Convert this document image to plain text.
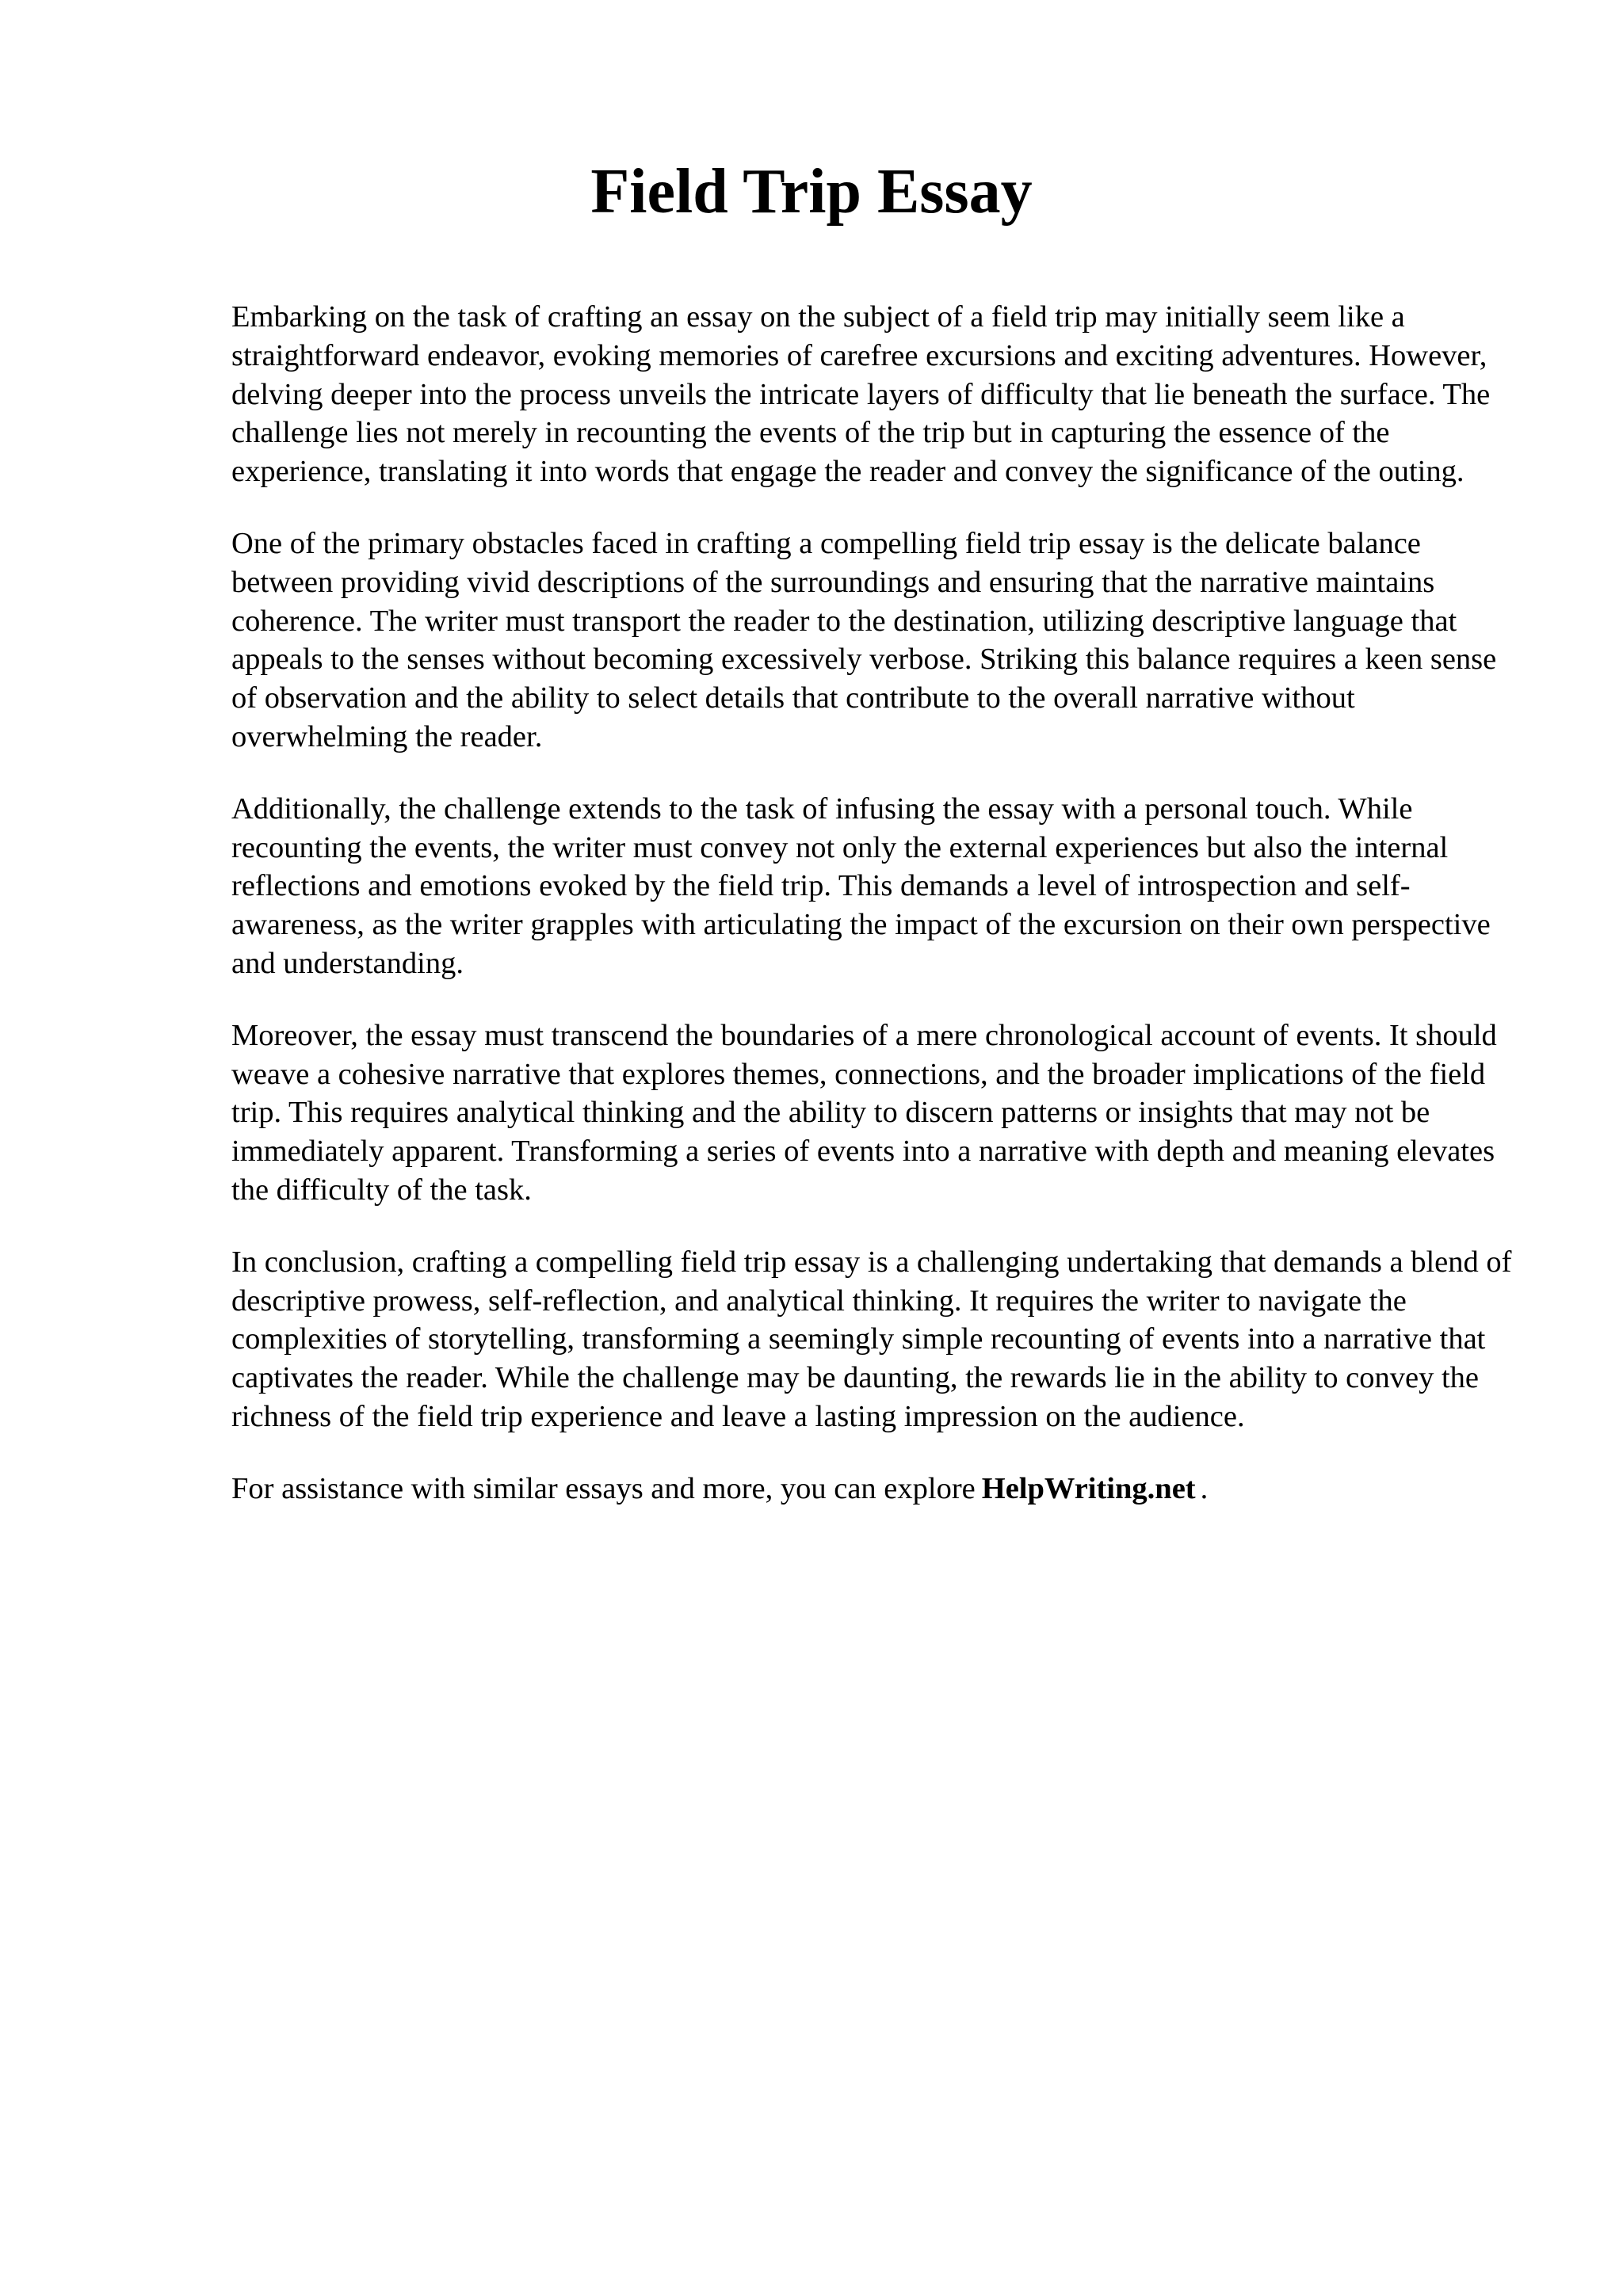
Field Trip Essay

Embarking on the task of crafting an essay on the subject of a field trip may initially seem like a straightforward endeavor, evoking memories of carefree excursions and exciting adventures. However, delving deeper into the process unveils the intricate layers of difficulty that lie beneath the surface. The challenge lies not merely in recounting the events of the trip but in capturing the essence of the experience, translating it into words that engage the reader and convey the significance of the outing.

One of the primary obstacles faced in crafting a compelling field trip essay is the delicate balance between providing vivid descriptions of the surroundings and ensuring that the narrative maintains coherence. The writer must transport the reader to the destination, utilizing descriptive language that appeals to the senses without becoming excessively verbose. Striking this balance requires a keen sense of observation and the ability to select details that contribute to the overall narrative without overwhelming the reader.

Additionally, the challenge extends to the task of infusing the essay with a personal touch. While recounting the events, the writer must convey not only the external experiences but also the internal reflections and emotions evoked by the field trip. This demands a level of introspection and self-awareness, as the writer grapples with articulating the impact of the excursion on their own perspective and understanding.

Moreover, the essay must transcend the boundaries of a mere chronological account of events. It should weave a cohesive narrative that explores themes, connections, and the broader implications of the field trip. This requires analytical thinking and the ability to discern patterns or insights that may not be immediately apparent. Transforming a series of events into a narrative with depth and meaning elevates the difficulty of the task.

In conclusion, crafting a compelling field trip essay is a challenging undertaking that demands a blend of descriptive prowess, self-reflection, and analytical thinking. It requires the writer to navigate the complexities of storytelling, transforming a seemingly simple recounting of events into a narrative that captivates the reader. While the challenge may be daunting, the rewards lie in the ability to convey the richness of the field trip experience and leave a lasting impression on the audience.

For assistance with similar essays and more, you can explore HelpWriting.net .
